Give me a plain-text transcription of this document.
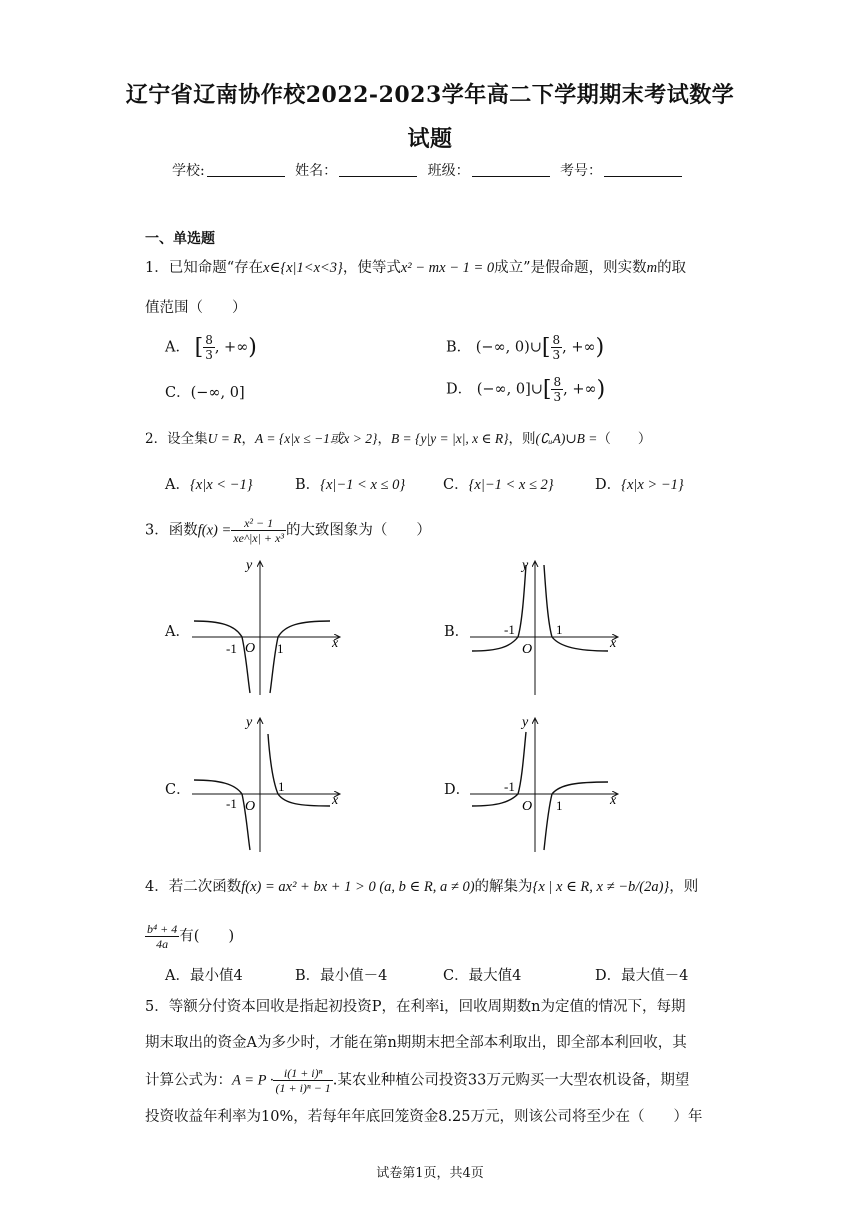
辽宁省辽南协作校2022-2023学年高二下学期期末考试数学
试题
学校:	姓名：	班级：	考号：
一、单选题
1．已知命题“存在x∈{x|1<x<3}，使等式x² − mx − 1 = 0成立”是假命题，则实数m的取
值范围（　　）
A． [ $\frac{8}{3}$ , +∞)	B． (−∞, 0)∪[ $\frac{8}{3}$ , +∞)
C．(−∞, 0]	D． (−∞, 0]∪[ $\frac{8}{3}$ , +∞)
2．设全集U = R，A = {x|x ≤ −1或x > 2}，B = {y|y = |x|, x ∈ R}，则(∁ᵤA)∪B =（　　）
A．{x|x < −1}	B．{x|−1 < x ≤ 0}	C．{x|−1 < x ≤ 2}	D．{x|x > −1}
3．函数$f(x) = \frac{\text{x² − 1}}{\text{xe\textasciicircum{}|x| + x³}}$ 的大致图象为（　　）
A．	B．
C．	D．
x
y
O
-1	1	x
y
O
-1	1
x
y
O
-1
1
x
y
O
-1
1
4．若二次函数f(x) = ax² + bx + 1 > 0 (a, b ∈ R, a ≠ 0)的解集为{x | x ∈ R, x ≠ −b/(2a)}，则
$\frac{\text{b⁴ + 4}}{4a}$ 有(　　)
A．最小值4	B．最小值－4	C．最大值4	D．最大值－4
5．等额分付资本回收是指起初投资P，在利率i，回收周期数n为定值的情况下，每期
期末取出的资金A为多少时，才能在第n期期末把全部本利取出，即全部本利回收，其
计算公式为：$A = P \cdot \frac{\text{i(1 + i)ⁿ}}{\text{(1 + i)ⁿ − 1}}$ .某农业种植公司投资33万元购买一大型农机设备，期望
投资收益年利率为10%，若每年年底回笼资金8.25万元，则该公司将至少在（　　）年
试卷第1页，共4页
